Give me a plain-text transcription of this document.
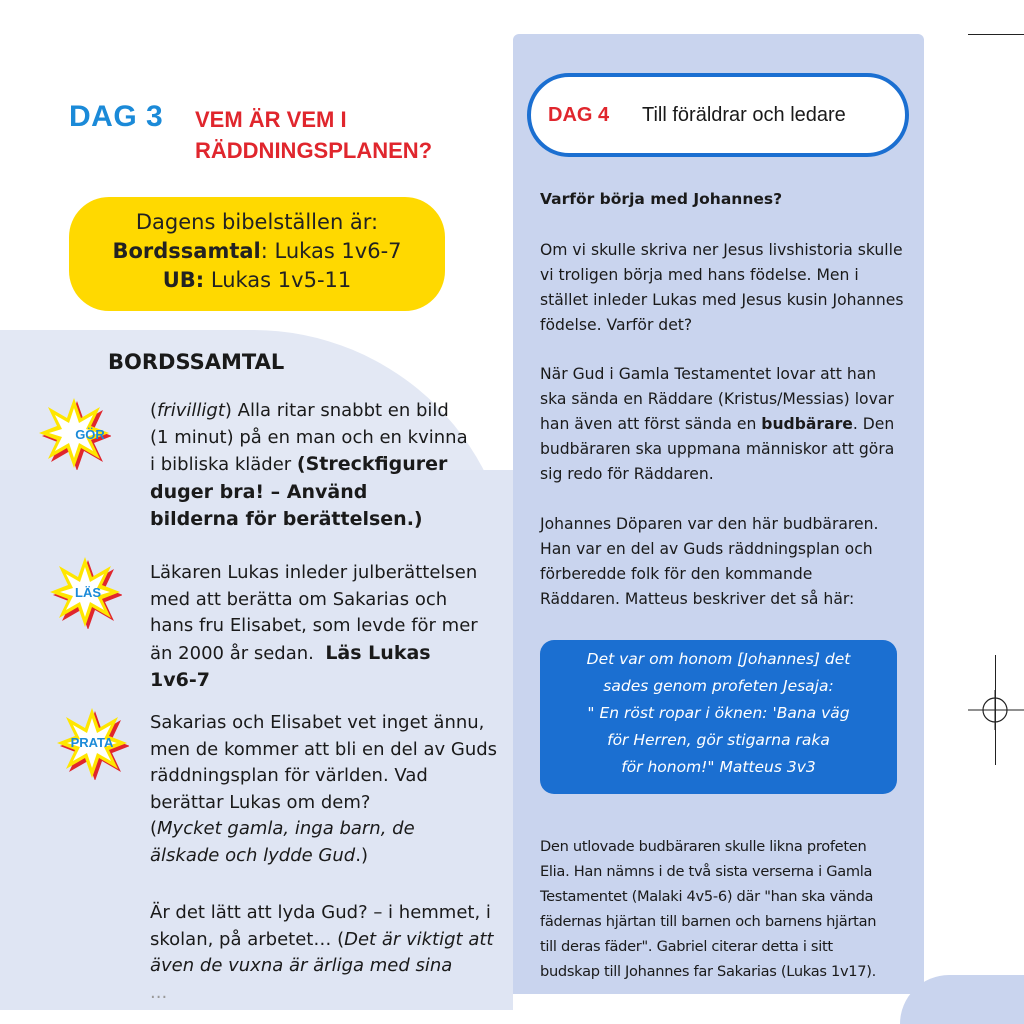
DAG 3 VEM ÄR VEM I
RÄDDNINGSPLANEN?
Dagens bibelställen är:
Bordssamtal: Lukas 1v6-7
UB: Lukas 1v5-11
BORDSSAMTAL
GÖR
LÄS
PRATA
(frivilligt) Alla ritar snabbt en bild
(1 minut) på en man och en kvinna
i bibliska kläder (Streckfigurer
duger bra! – Använd
bilderna för berättelsen.)
Läkaren Lukas inleder julberättelsen
med att berätta om Sakarias och
hans fru Elisabet, som levde för mer
än 2000 år sedan.  Läs Lukas
1v6-7
Sakarias och Elisabet vet inget ännu,
men de kommer att bli en del av Guds
räddningsplan för världen. Vad
berättar Lukas om dem?
(Mycket gamla, inga barn, de
älskade och lydde Gud.)
Är det lätt att lyda Gud? – i hemmet, i
skolan, på arbetet… (Det är viktigt att
även de vuxna är ärliga med sina
...
DAG 4 Till föräldrar och ledare
Varför börja med Johannes?
Om vi skulle skriva ner Jesus livshistoria skulle
vi troligen börja med hans födelse. Men i
stället inleder Lukas med Jesus kusin Johannes
födelse. Varför det?
När Gud i Gamla Testamentet lovar att han
ska sända en Räddare (Kristus/Messias) lovar
han även att först sända en budbärare. Den
budbäraren ska uppmana människor att göra
sig redo för Räddaren.
Johannes Döparen var den här budbäraren.
Han var en del av Guds räddningsplan och
förberedde folk för den kommande
Räddaren. Matteus beskriver det så här:
Det var om honom [Johannes] det
sades genom profeten Jesaja:
" En röst ropar i öknen: 'Bana väg
för Herren, gör stigarna raka
för honom!" Matteus 3v3
Den utlovade budbäraren skulle likna profeten
Elia. Han nämns i de två sista verserna i Gamla
Testamentet (Malaki 4v5-6) där "han ska vända
fädernas hjärtan till barnen och barnens hjärtan
till deras fäder". Gabriel citerar detta i sitt
budskap till Johannes far Sakarias (Lukas 1v17).
